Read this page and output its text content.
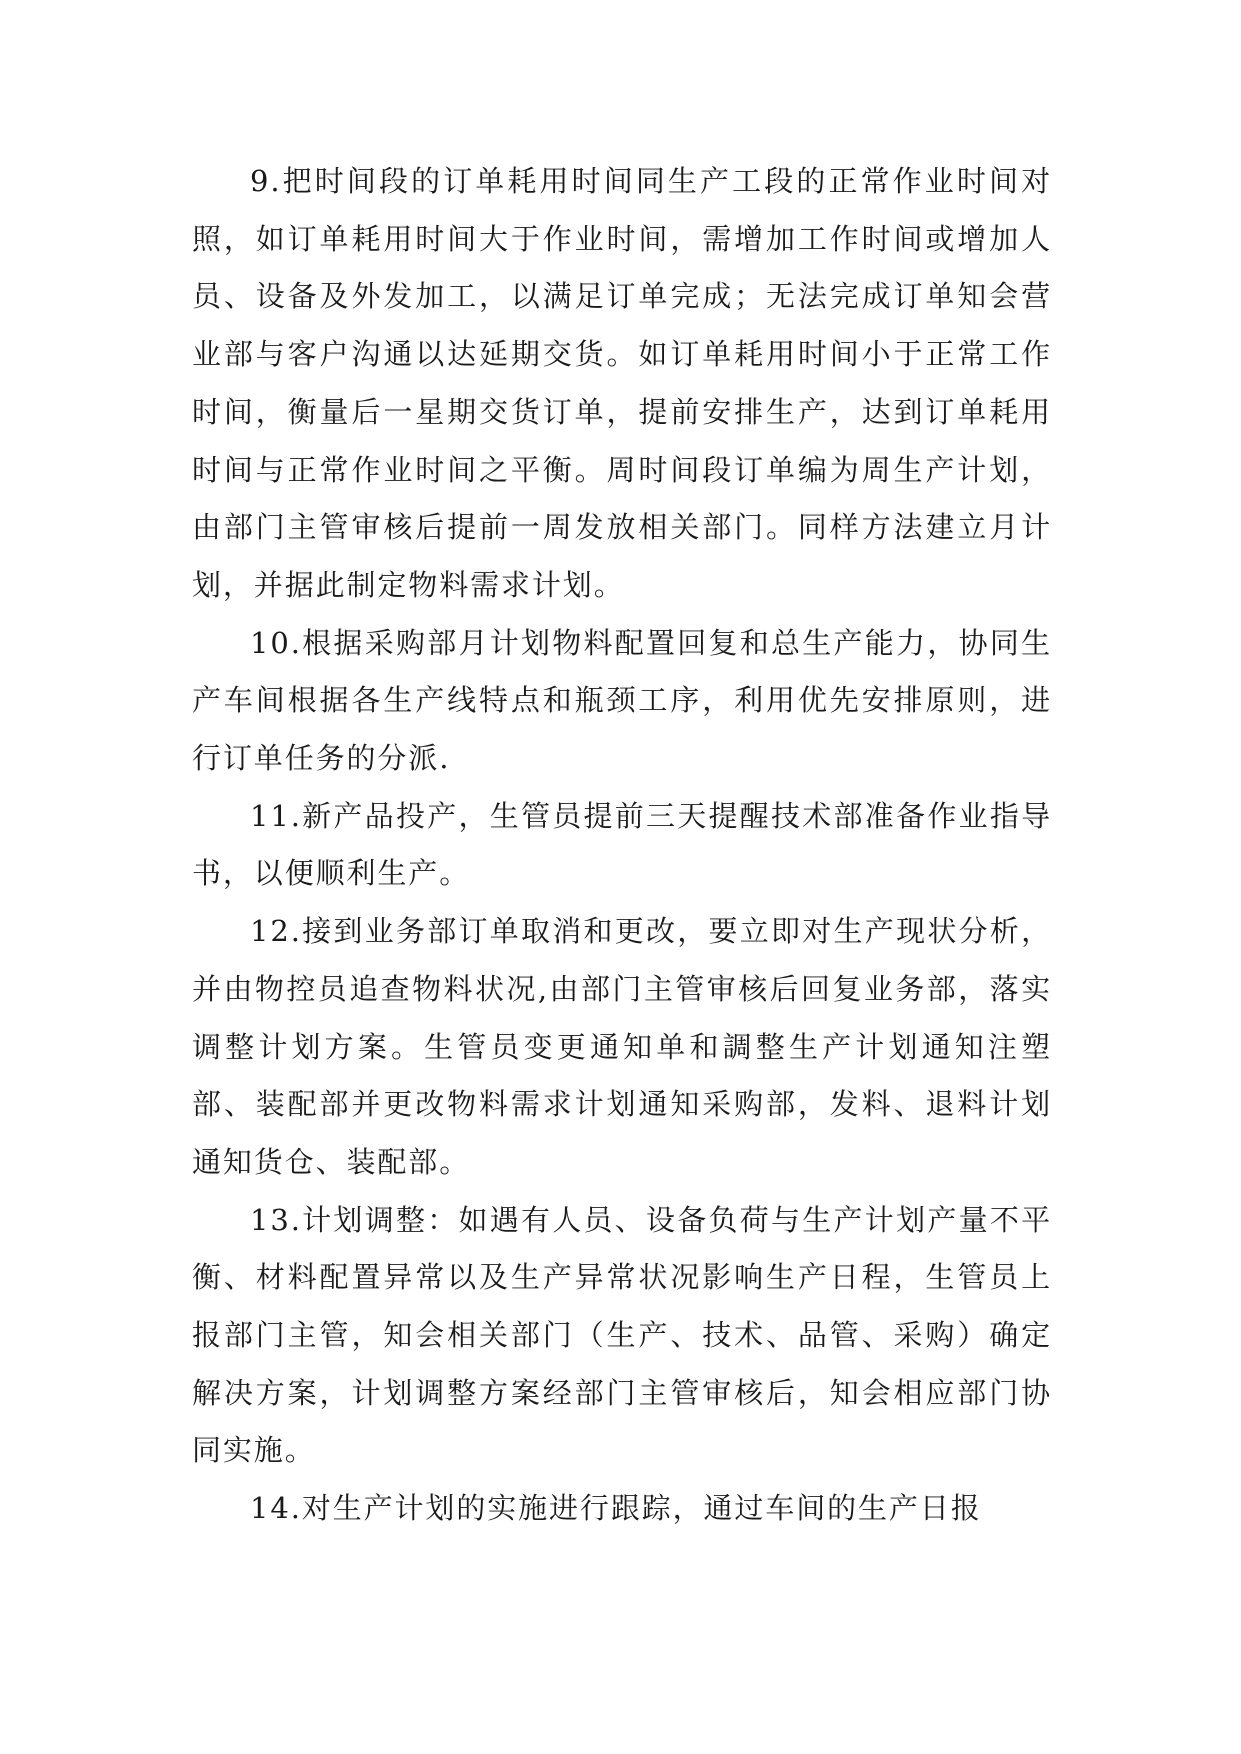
9.把时间段的订单耗用时间同生产工段的正常作业时间对照，如订单耗用时间大于作业时间，需增加工作时间或增加人员、设备及外发加工，以满足订单完成；无法完成订单知会营业部与客户沟通以达延期交货。如订单耗用时间小于正常工作时间，衡量后一星期交货订单，提前安排生产，达到订单耗用时间与正常作业时间之平衡。周时间段订单编为周生产计划，由部门主管审核后提前一周发放相关部门。同样方法建立月计划，并据此制定物料需求计划。

10.根据采购部月计划物料配置回复和总生产能力，协同生产车间根据各生产线特点和瓶颈工序，利用优先安排原则，进行订单任务的分派.

11.新产品投产，生管员提前三天提醒技术部准备作业指导书，以便顺利生产。

12.接到业务部订单取消和更改，要立即对生产现状分析，并由物控员追查物料状况,由部门主管审核后回复业务部，落实调整计划方案。生管员变更通知单和調整生产计划通知注塑部、装配部并更改物料需求计划通知采购部，发料、退料计划通知货仓、装配部。

13.计划调整：如遇有人员、设备负荷与生产计划产量不平衡、材料配置异常以及生产异常状况影响生产日程，生管员上报部门主管，知会相关部门（生产、技术、品管、采购）确定解决方案，计划调整方案经部门主管审核后，知会相应部门协同实施。

14.对生产计划的实施进行跟踪，通过车间的生产日报
